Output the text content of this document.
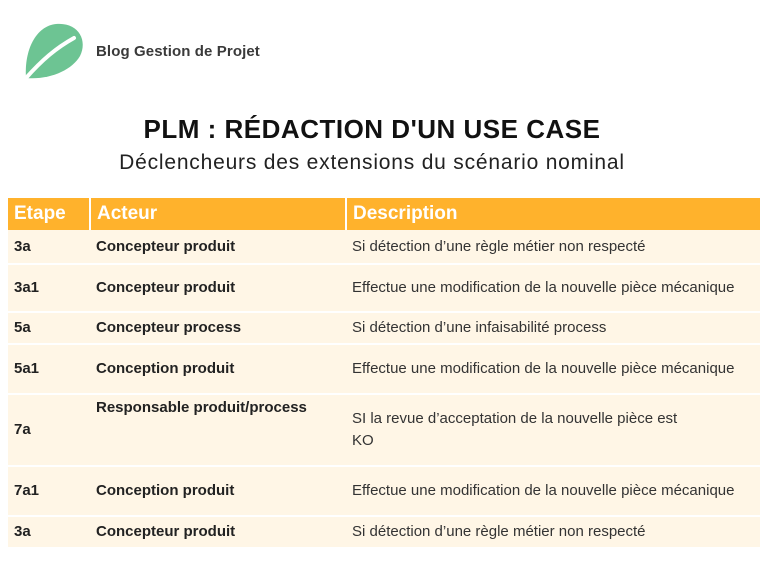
Blog Gestion de Projet
PLM : RÉDACTION D'UN USE CASE
Déclencheurs des extensions du scénario nominal
Etape	Acteur	Description
3a	Concepteur produit	Si détection d’une règle métier non respecté
3a1	Concepteur produit	Effectue une modification de la nouvelle pièce mécanique
5a	Concepteur process	Si détection d’une infaisabilité process
5a1	Conception produit	Effectue une modification de la nouvelle pièce mécanique
7a	Responsable produit/process	SI la revue d’acceptation de la nouvelle pièce est
KO

7a1	Conception produit	Effectue une modification de la nouvelle pièce mécanique
3a	Concepteur produit	Si détection d’une règle métier non respecté
